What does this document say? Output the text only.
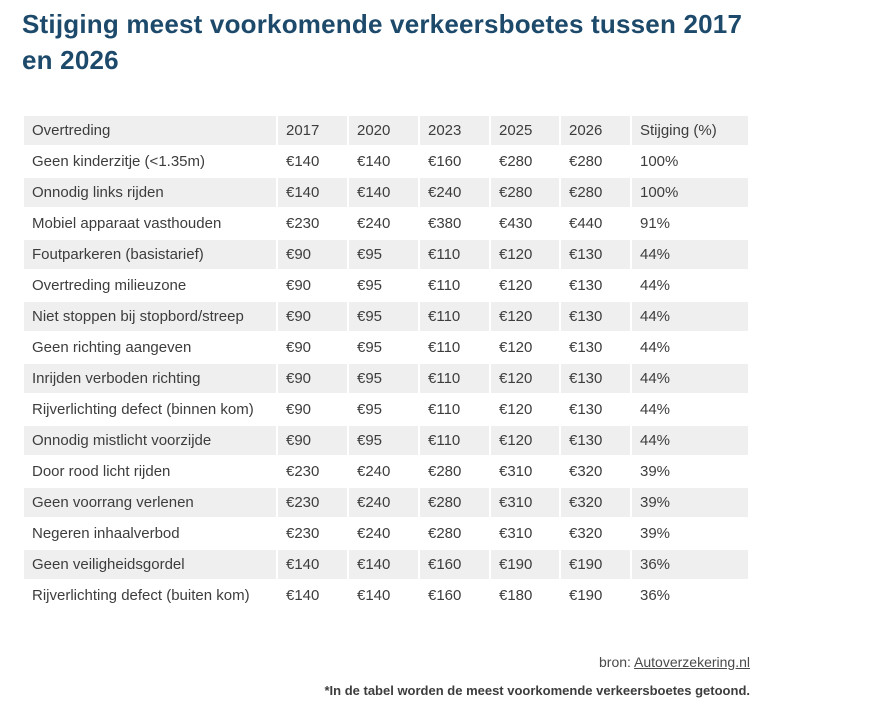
Stijging meest voorkomende verkeersboetes tussen 2017 en 2026
Overtreding	2017	2020	2023	2025	2026	Stijging (%)
Geen kinderzitje (<1.35m)	€140	€140	€160	€280	€280	100%
Onnodig links rijden	€140	€140	€240	€280	€280	100%
Mobiel apparaat vasthouden	€230	€240	€380	€430	€440	91%
Foutparkeren (basistarief)	€90	€95	€110	€120	€130	44%
Overtreding milieuzone	€90	€95	€110	€120	€130	44%
Niet stoppen bij stopbord/streep	€90	€95	€110	€120	€130	44%
Geen richting aangeven	€90	€95	€110	€120	€130	44%
Inrijden verboden richting	€90	€95	€110	€120	€130	44%
Rijverlichting defect (binnen kom)	€90	€95	€110	€120	€130	44%
Onnodig mistlicht voorzijde	€90	€95	€110	€120	€130	44%
Door rood licht rijden	€230	€240	€280	€310	€320	39%
Geen voorrang verlenen	€230	€240	€280	€310	€320	39%
Negeren inhaalverbod	€230	€240	€280	€310	€320	39%
Geen veiligheidsgordel	€140	€140	€160	€190	€190	36%
Rijverlichting defect (buiten kom)	€140	€140	€160	€180	€190	36%
bron: Autoverzekering.nl
*In de tabel worden de meest voorkomende verkeersboetes getoond.
